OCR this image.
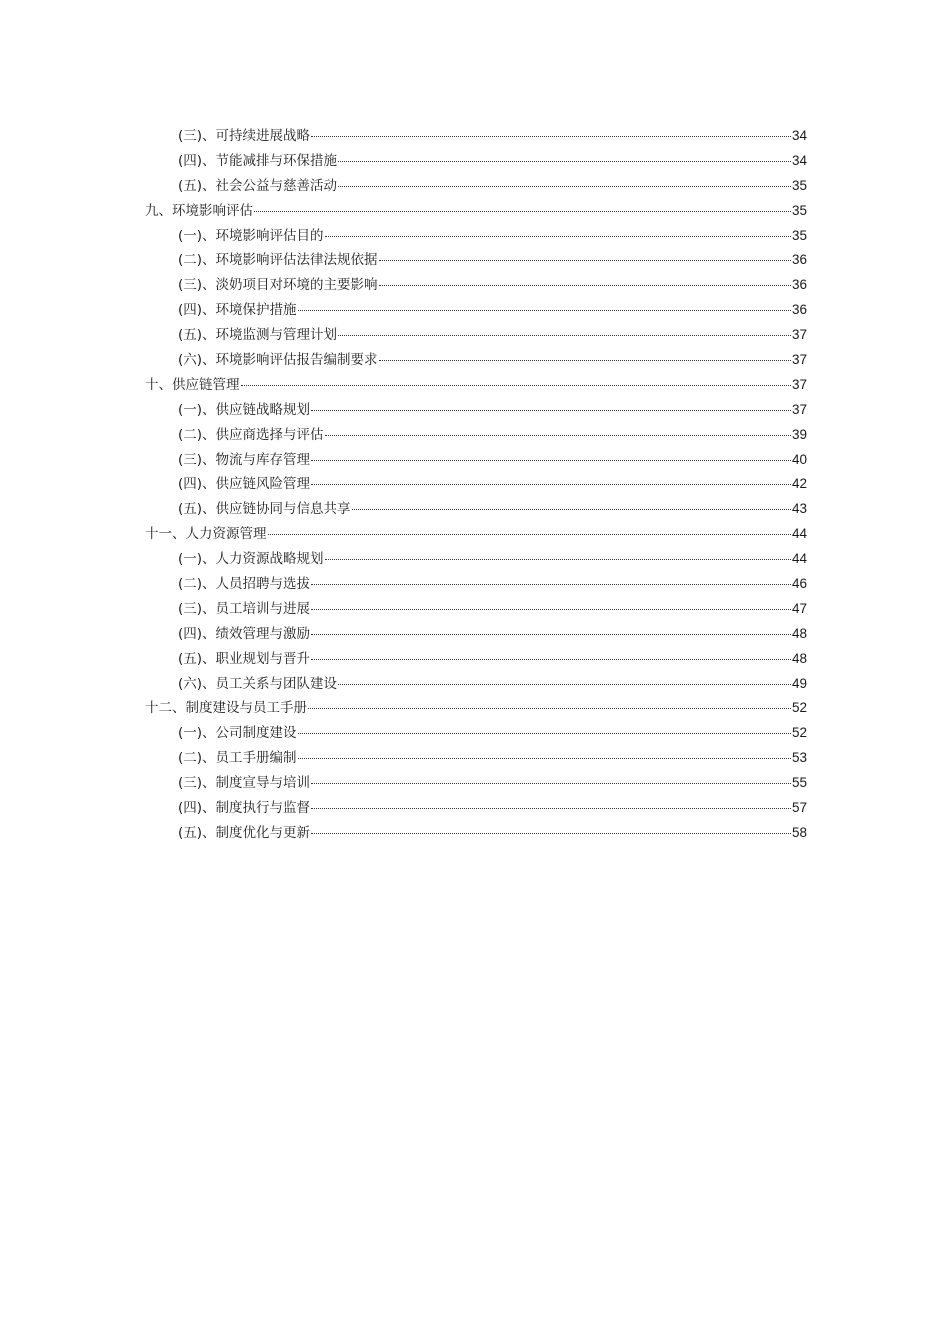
(三)、可持续进展战略	34
(四)、节能减排与环保措施	34
(五)、社会公益与慈善活动	35
九、环境影响评估	35
(一)、环境影响评估目的	35
(二)、环境影响评估法律法规依据	36
(三)、淡奶项目对环境的主要影响	36
(四)、环境保护措施	36
(五)、环境监测与管理计划	37
(六)、环境影响评估报告编制要求	37
十、供应链管理	37
(一)、供应链战略规划	37
(二)、供应商选择与评估	39
(三)、物流与库存管理	40
(四)、供应链风险管理	42
(五)、供应链协同与信息共享	43
十一、人力资源管理	44
(一)、人力资源战略规划	44
(二)、人员招聘与选拔	46
(三)、员工培训与进展	47
(四)、绩效管理与激励	48
(五)、职业规划与晋升	48
(六)、员工关系与团队建设	49
十二、制度建设与员工手册	52
(一)、公司制度建设	52
(二)、员工手册编制	53
(三)、制度宣导与培训	55
(四)、制度执行与监督	57
(五)、制度优化与更新	58
